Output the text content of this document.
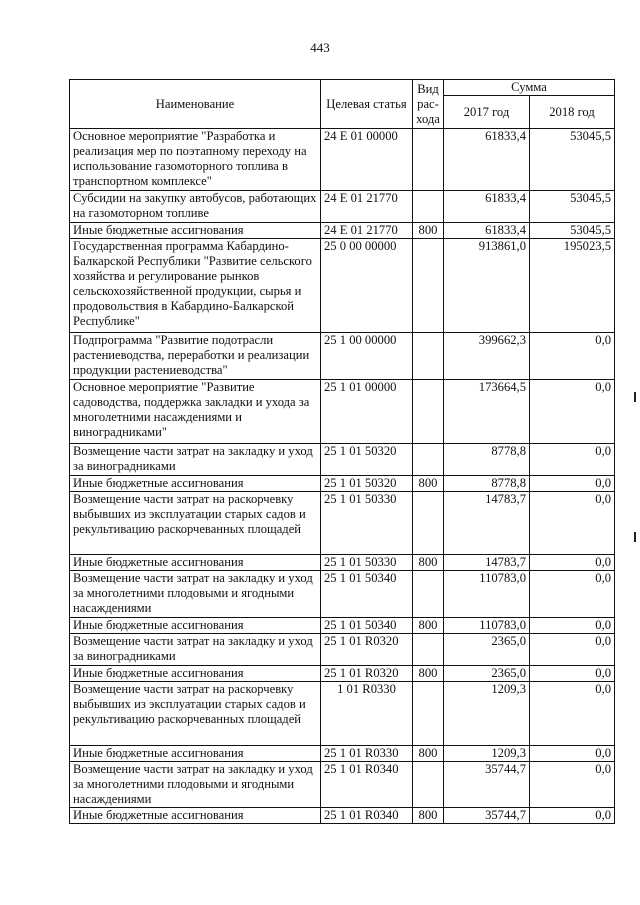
443
Наименование	Целевая статья	Вид рас-хода	Сумма	
			2017 год	2018 год
Основное мероприятие "Разработка и реализация мер по поэтапному переходу на использование газомоторного топлива в транспортном комплексе"	24 Е 01 00000		61833,4	53045,5
Субсидии на закупку автобусов, работающих на газомоторном топливе	24 Е 01 21770		61833,4	53045,5
Иные бюджетные ассигнования	24 Е 01 21770	800	61833,4	53045,5
Государственная программа Кабардино-Балкарской Республики "Развитие сельского хозяйства и регулирование рынков сельскохозяйственной продукции, сырья и продовольствия в Кабардино-Балкарской Республике"	25 0 00 00000		913861,0	195023,5
Подпрограмма "Развитие подотрасли растениеводства, переработки и реализации продукции растениеводства"	25 1 00 00000		399662,3	0,0
Основное мероприятие "Развитие садоводства, поддержка закладки и ухода за многолетними насаждениями и виноградниками"	25 1 01 00000		173664,5	0,0
Возмещение части затрат на закладку и уход за виноградниками	25 1 01 50320		8778,8	0,0
Иные бюджетные ассигнования	25 1 01 50320	800	8778,8	0,0
Возмещение части затрат на раскорчевку выбывших из эксплуатации старых садов и рекультивацию раскорчеванных площадей	25 1 01 50330		14783,7	0,0
Иные бюджетные ассигнования	25 1 01 50330	800	14783,7	0,0
Возмещение части затрат на закладку и уход за многолетними плодовыми и ягодными насаждениями	25 1 01 50340		110783,0	0,0
Иные бюджетные ассигнования	25 1 01 50340	800	110783,0	0,0
Возмещение части затрат на закладку и уход за виноградниками	25 1 01 R0320		2365,0	0,0
Иные бюджетные ассигнования	25 1 01 R0320	800	2365,0	0,0
Возмещение части затрат на раскорчевку выбывших из эксплуатации старых садов и рекультивацию раскорчеванных площадей	1 01 R0330		1209,3	0,0
Иные бюджетные ассигнования	25 1 01 R0330	800	1209,3	0,0
Возмещение части затрат на закладку и уход за многолетними плодовыми и ягодными насаждениями	25 1 01 R0340		35744,7	0,0
Иные бюджетные ассигнования	25 1 01 R0340	800	35744,7	0,0
